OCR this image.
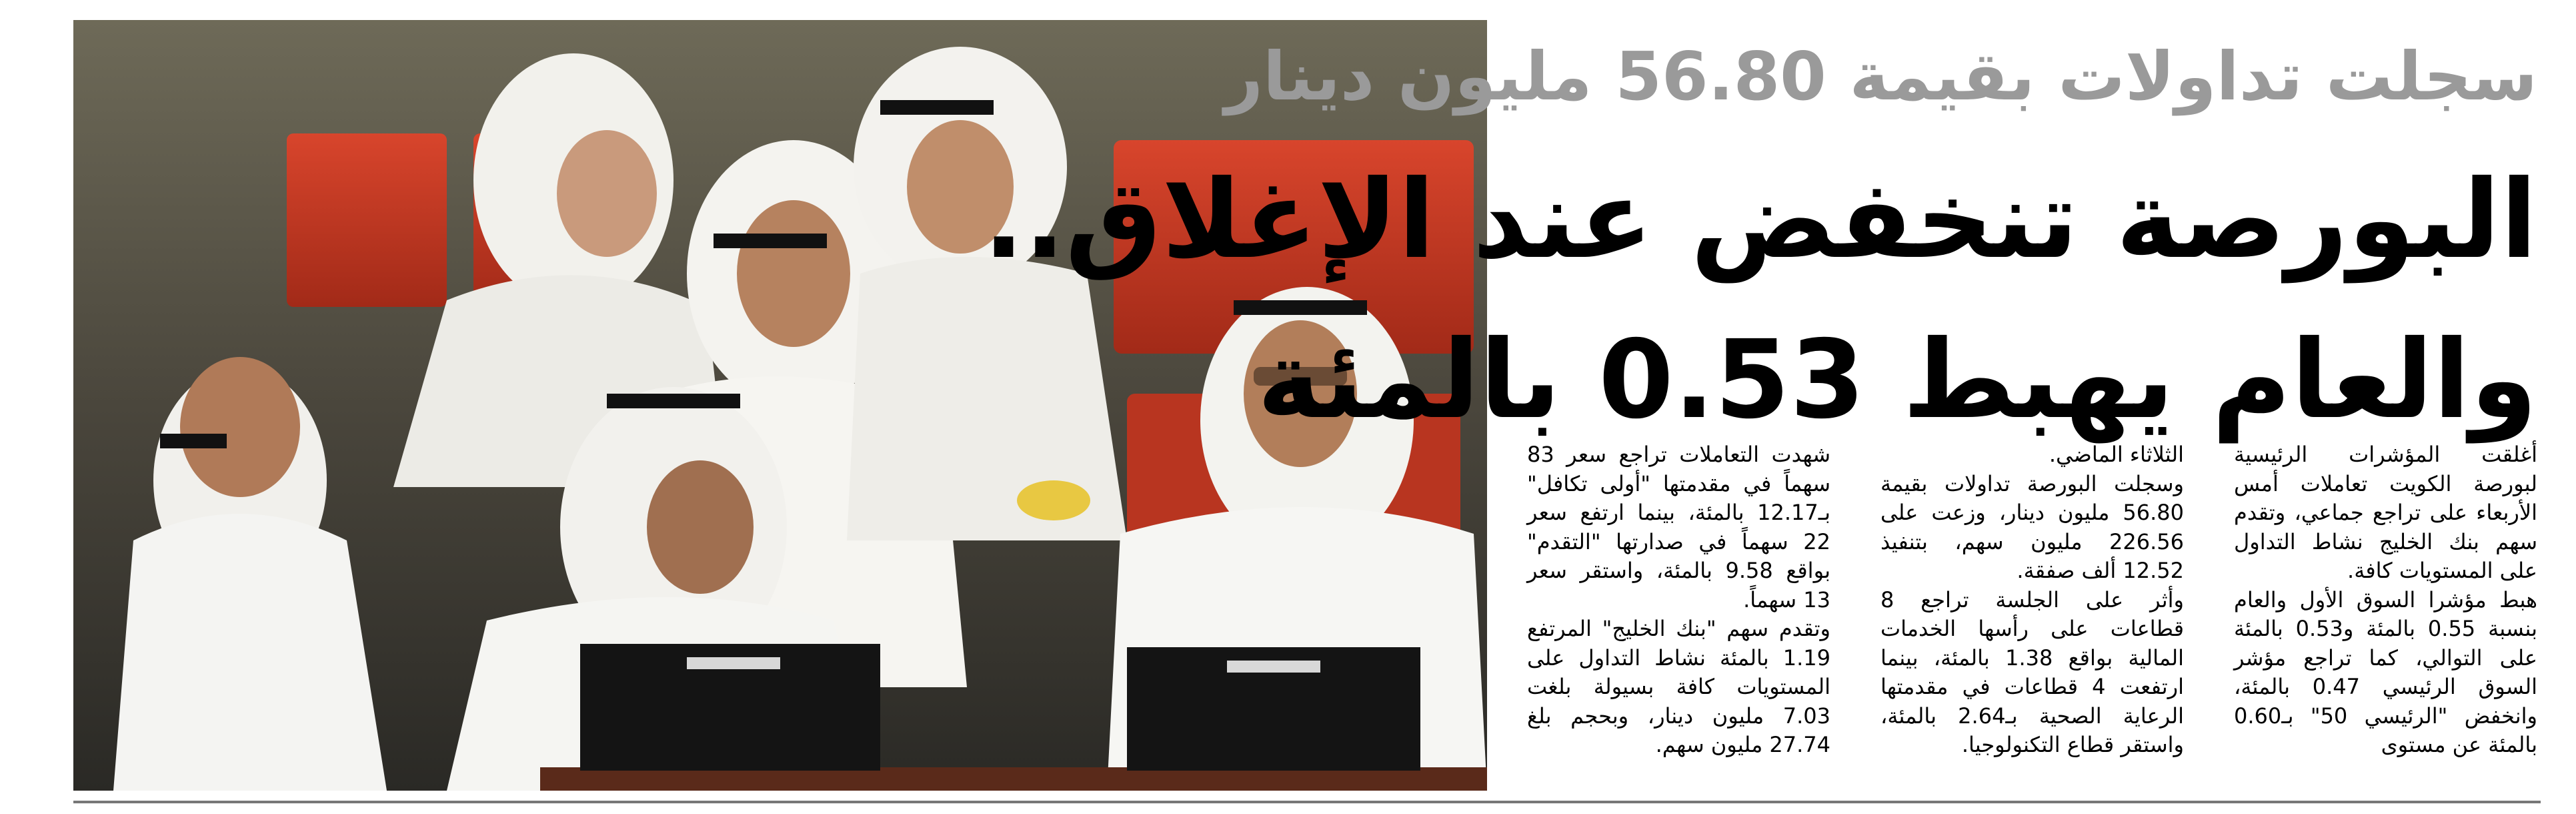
سجلت تداولات بقيمة 56.80 مليون دينار
البورصة تنخفض عند الإغلاق..
والعام يهبط 0.53 بالمئة

أغلقت المؤشرات الرئيسية لبورصة الكويت تعاملات أمس الأربعاء على تراجع جماعي، وتقدم سهم بنك الخليج نشاط التداول على المستويات كافة.

هبط مؤشرا السوق الأول والعام بنسبة 0.55 بالمئة و0.53 بالمئة على التوالي، كما تراجع مؤشر السوق الرئيسي 0.47 بالمئة، وانخفض "الرئيسي 50" بـ0.60 بالمئة عن مستوى

الثلاثاء الماضي.

وسجلت البورصة تداولات بقيمة 56.80 مليون دينار، وزعت على 226.56 مليون سهم، بتنفيذ 12.52 ألف صفقة.

وأثر على الجلسة تراجع 8 قطاعات على رأسها الخدمات المالية بواقع 1.38 بالمئة، بينما ارتفعت 4 قطاعات في مقدمتها الرعاية الصحية بـ2.64 بالمئة، واستقر قطاع التكنولوجيا.

شهدت التعاملات تراجع سعر 83 سهماً في مقدمتها "أولى تكافل" بـ12.17 بالمئة، بينما ارتفع سعر 22 سهماً في صدارتها "التقدم" بواقع 9.58 بالمئة، واستقر سعر 13 سهماً.

وتقدم سهم "بنك الخليج" المرتفع 1.19 بالمئة نشاط التداول على المستويات كافة بسيولة بلغت 7.03 مليون دينار، وبحجم بلغ 27.74 مليون سهم.
